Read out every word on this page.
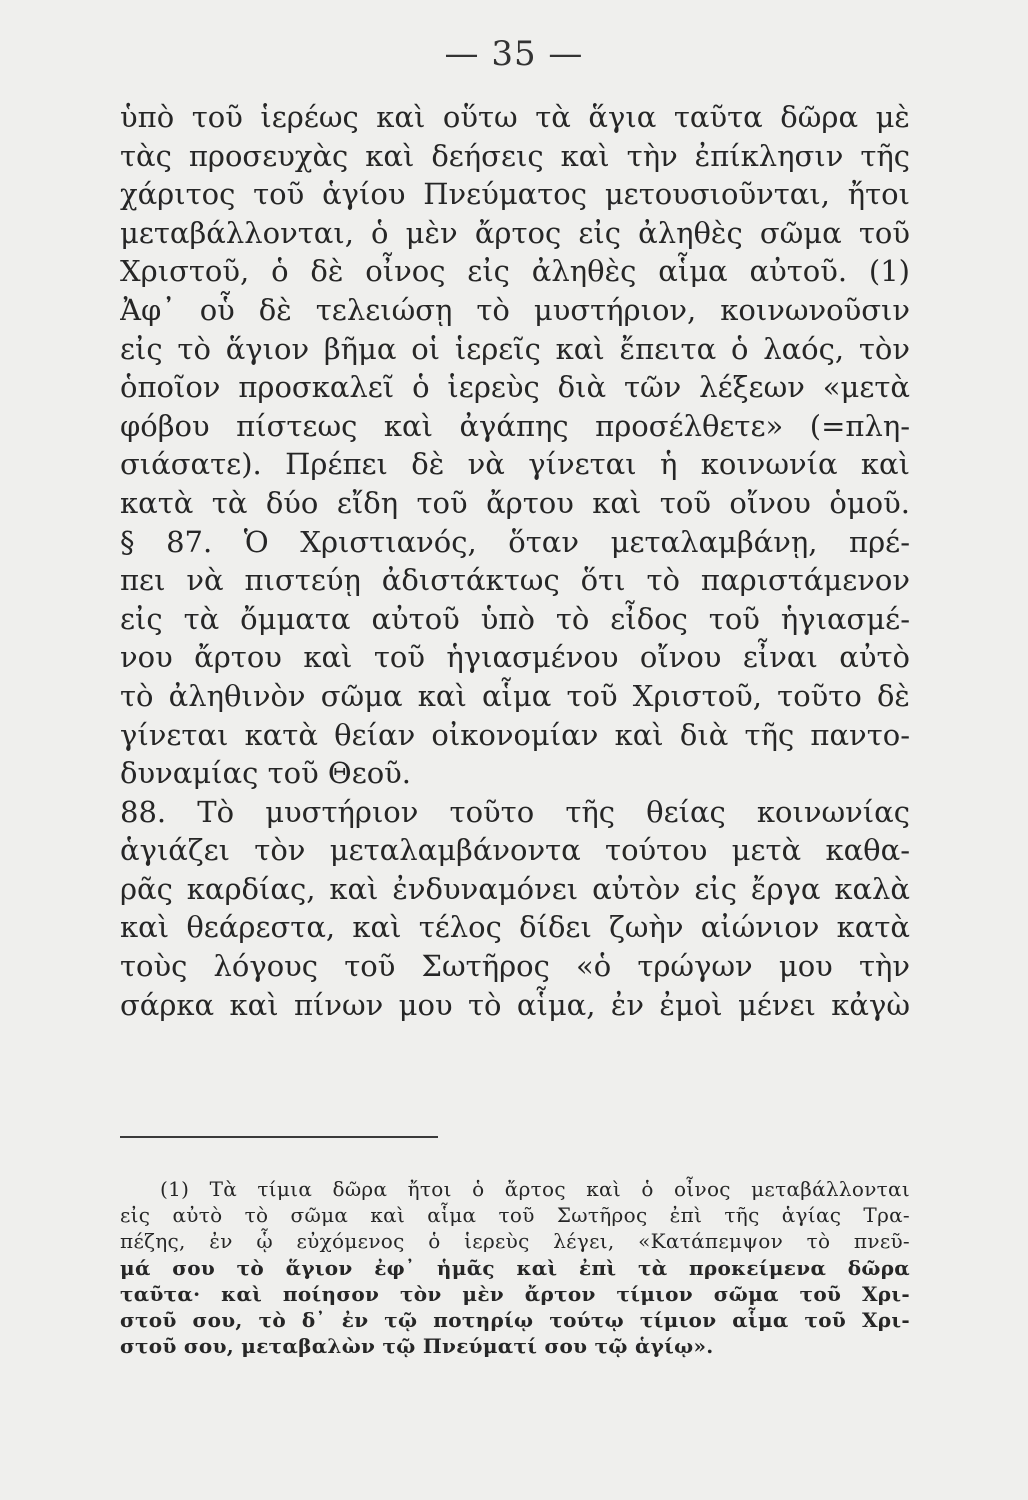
— 35 —
ὑπὸ τοῦ ἱερέως καὶ οὕτω τὰ ἅγια ταῦτα δῶρα μὲ
τὰς προσευχὰς καὶ δεήσεις καὶ τὴν ἐπίκλησιν τῆς
χάριτος τοῦ ἁγίου Πνεύματος μετουσιοῦνται, ἤτοι
μεταβάλλονται, ὁ μὲν ἄρτος εἰς ἀληθὲς σῶμα τοῦ
Χριστοῦ, ὁ δὲ οἶνος εἰς ἀληθὲς αἷμα αὐτοῦ. (1)
Ἀφ᾽ οὗ δὲ τελειώσῃ τὸ μυστήριον, κοινωνοῦσιν
εἰς τὸ ἅγιον βῆμα οἱ ἱερεῖς καὶ ἔπειτα ὁ λαός, τὸν
ὁποῖον προσκαλεῖ ὁ ἱερεὺς διὰ τῶν λέξεων «μετὰ
φόβου πίστεως καὶ ἀγάπης προσέλθετε» (=πλη-
σιάσατε). Πρέπει δὲ νὰ γίνεται ἡ κοινωνία καὶ
κατὰ τὰ δύο εἴδη τοῦ ἄρτου καὶ τοῦ οἴνου ὁμοῦ.
§ 87. Ὁ Χριστιανός, ὅταν μεταλαμβάνῃ, πρέ-
πει νὰ πιστεύῃ ἀδιστάκτως ὅτι τὸ παριστάμενον
εἰς τὰ ὄμματα αὐτοῦ ὑπὸ τὸ εἶδος τοῦ ἡγιασμέ-
νου ἄρτου καὶ τοῦ ἡγιασμένου οἴνου εἶναι αὐτὸ
τὸ ἀληθινὸν σῶμα καὶ αἷμα τοῦ Χριστοῦ, τοῦτο δὲ
γίνεται κατὰ θείαν οἰκονομίαν καὶ διὰ τῆς παντο-
δυναμίας τοῦ Θεοῦ.
88. Τὸ μυστήριον τοῦτο τῆς θείας κοινωνίας
ἁγιάζει τὸν μεταλαμβάνοντα τούτου μετὰ καθα-
ρᾶς καρδίας, καὶ ἐνδυναμόνει αὐτὸν εἰς ἔργα καλὰ
καὶ θεάρεστα, καὶ τέλος δίδει ζωὴν αἰώνιον κατὰ
τοὺς λόγους τοῦ Σωτῆρος «ὁ τρώγων μου τὴν
σάρκα καὶ πίνων μου τὸ αἷμα, ἐν ἐμοὶ μένει κἀγὼ
(1) Τὰ τίμια δῶρα ἤτοι ὁ ἄρτος καὶ ὁ οἶνος μεταβάλλονται
εἰς αὐτὸ τὸ σῶμα καὶ αἷμα τοῦ Σωτῆρος ἐπὶ τῆς ἁγίας Τρα-
πέζης, ἐν ᾧ εὐχόμενος ὁ ἱερεὺς λέγει, «Κατάπεμψον τὸ πνεῦ-
μά σου τὸ ἅγιον ἐφ᾽ ἡμᾶς καὶ ἐπὶ τὰ προκείμενα δῶρα
ταῦτα· καὶ ποίησον τὸν μὲν ἄρτον τίμιον σῶμα τοῦ Χρι-
στοῦ σου, τὸ δ᾽ ἐν τῷ ποτηρίῳ τούτῳ τίμιον αἷμα τοῦ Χρι-
στοῦ σου, μεταβαλὼν τῷ Πνεύματί σου τῷ ἁγίῳ».
